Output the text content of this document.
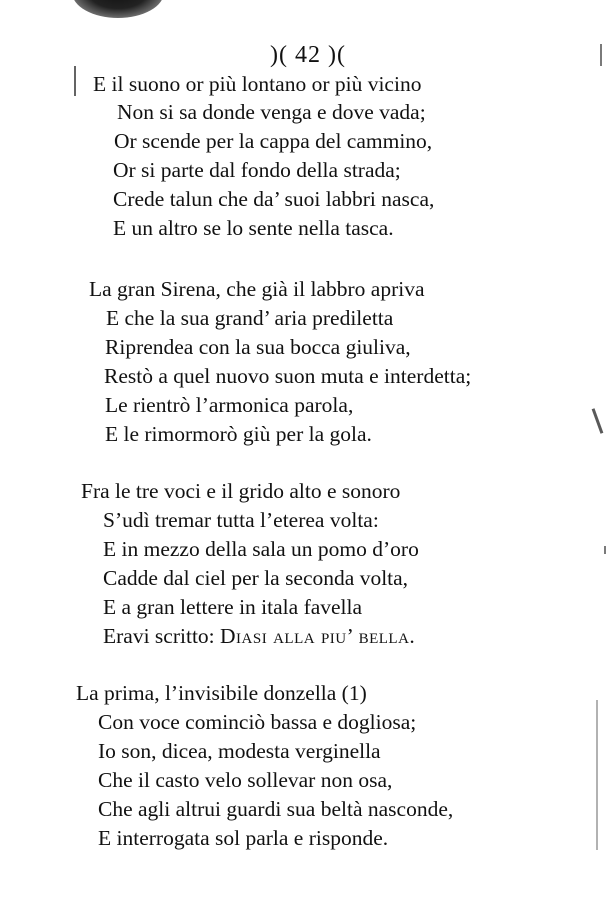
)( 42 )(
E il suono or più lontano or più vicino
Non si sa donde venga e dove vada;
Or scende per la cappa del cammino,
Or si parte dal fondo della strada;
Crede talun che da’ suoi labbri nasca,
E un altro se lo sente nella tasca.
La gran Sirena, che già il labbro apriva
E che la sua grand’ aria prediletta
Riprendea con la sua bocca giuliva,
Restò a quel nuovo suon muta e interdetta;
Le rientrò l’armonica parola,
E le rimormorò giù per la gola.
Fra le tre voci e il grido alto e sonoro
S’udì tremar tutta l’eterea volta:
E in mezzo della sala un pomo d’oro
Cadde dal ciel per la seconda volta,
E a gran lettere in itala favella
Eravi scritto: Diasi alla piu’ bella.
La prima, l’invisibile donzella (1)
Con voce cominciò bassa e dogliosa;
Io son, dicea, modesta verginella
Che il casto velo sollevar non osa,
Che agli altrui guardi sua beltà nasconde,
E interrogata sol parla e risponde.
